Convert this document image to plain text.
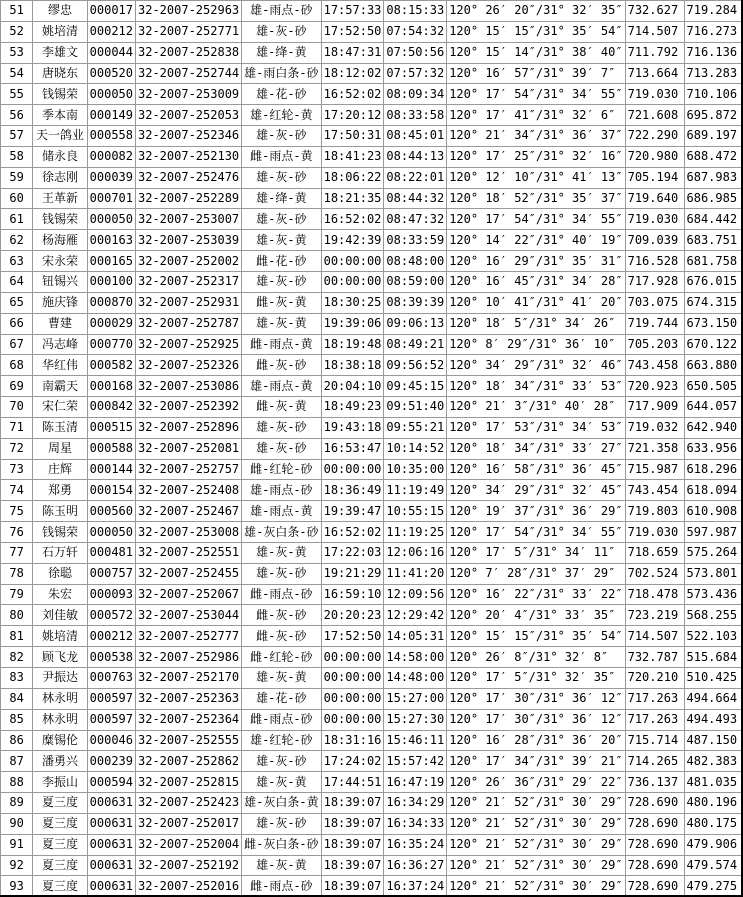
51	缪忠	000017	32-2007-252963	雄-雨点-砂	17:57:33	08:15:33	120° 26′ 20″/31° 32′ 35″	732.627	719.284
52	姚培清	000212	32-2007-252771	雄-灰-砂	17:52:50	07:54:32	120° 15′ 15″/31° 35′ 54″	714.507	716.273
53	李雄文	000044	32-2007-252838	雄-绛-黄	18:47:31	07:50:56	120° 15′ 14″/31° 38′ 40″	711.792	716.136
54	唐晓东	000520	32-2007-252744	雄-雨白条-砂	18:12:02	07:57:32	120° 16′ 57″/31° 39′ 7″	713.664	713.283
55	钱锡荣	000050	32-2007-253009	雄-花-砂	16:52:02	08:09:34	120° 17′ 54″/31° 34′ 55″	719.030	710.106
56	季本南	000149	32-2007-252053	雄-红轮-黄	17:20:12	08:33:58	120° 17′ 41″/31° 32′ 6″	721.608	695.872
57	天一鸽业	000558	32-2007-252346	雄-灰-砂	17:50:31	08:45:01	120° 21′ 34″/31° 36′ 37″	722.290	689.197
58	储永良	000082	32-2007-252130	雌-雨点-黄	18:41:23	08:44:13	120° 17′ 25″/31° 32′ 16″	720.980	688.472
59	徐志刚	000039	32-2007-252476	雄-灰-砂	18:06:22	08:22:01	120° 12′ 10″/31° 41′ 13″	705.194	687.983
60	王革新	000701	32-2007-252289	雄-绛-黄	18:21:35	08:44:32	120° 18′ 52″/31° 35′ 37″	719.640	686.985
61	钱锡荣	000050	32-2007-253007	雄-灰-砂	16:52:02	08:47:32	120° 17′ 54″/31° 34′ 55″	719.030	684.442
62	杨海雁	000163	32-2007-253039	雄-灰-黄	19:42:39	08:33:59	120° 14′ 22″/31° 40′ 19″	709.039	683.751
63	宋永荣	000165	32-2007-252002	雌-花-砂	00:00:00	08:48:00	120° 16′ 29″/31° 35′ 31″	716.528	681.758
64	钮锡兴	000100	32-2007-252317	雄-灰-砂	00:00:00	08:59:00	120° 16′ 45″/31° 34′ 28″	717.928	676.015
65	施庆锋	000870	32-2007-252931	雌-灰-黄	18:30:25	08:39:39	120° 10′ 41″/31° 41′ 20″	703.075	674.315
66	曹建	000029	32-2007-252787	雄-灰-黄	19:39:06	09:06:13	120° 18′ 5″/31° 34′ 26″	719.744	673.150
67	冯志峰	000770	32-2007-252925	雌-雨点-黄	18:19:48	08:49:21	120° 8′ 29″/31° 36′ 10″	705.203	670.122
68	华红伟	000582	32-2007-252326	雌-灰-砂	18:38:18	09:56:52	120° 34′ 29″/31° 32′ 46″	743.458	663.880
69	南霸天	000168	32-2007-253086	雄-雨点-黄	20:04:10	09:45:15	120° 18′ 34″/31° 33′ 53″	720.923	650.505
70	宋仁荣	000842	32-2007-252392	雌-灰-黄	18:49:23	09:51:40	120° 21′ 3″/31° 40′ 28″	717.909	644.057
71	陈玉清	000515	32-2007-252896	雄-灰-砂	19:43:18	09:55:21	120° 17′ 53″/31° 34′ 53″	719.032	642.940
72	周星	000588	32-2007-252081	雄-灰-砂	16:53:47	10:14:52	120° 18′ 34″/31° 33′ 27″	721.358	633.956
73	庄辉	000144	32-2007-252757	雌-红轮-砂	00:00:00	10:35:00	120° 16′ 58″/31° 36′ 45″	715.987	618.296
74	郑勇	000154	32-2007-252408	雄-雨点-砂	18:36:49	11:19:49	120° 34′ 29″/31° 32′ 45″	743.454	618.094
75	陈玉明	000560	32-2007-252467	雄-雨点-黄	19:39:47	10:55:15	120° 19′ 37″/31° 36′ 29″	719.803	610.908
76	钱锡荣	000050	32-2007-253008	雄-灰白条-砂	16:52:02	11:19:25	120° 17′ 54″/31° 34′ 55″	719.030	597.987
77	石万轩	000481	32-2007-252551	雄-灰-黄	17:22:03	12:06:16	120° 17′ 5″/31° 34′ 11″	718.659	575.264
78	徐聪	000757	32-2007-252455	雄-灰-砂	19:21:29	11:41:20	120° 7′ 28″/31° 37′ 29″	702.524	573.801
79	朱宏	000093	32-2007-252067	雌-雨点-砂	16:59:10	12:09:56	120° 16′ 22″/31° 33′ 22″	718.478	573.436
80	刘佳敏	000572	32-2007-253044	雌-灰-砂	20:20:23	12:29:42	120° 20′ 4″/31° 33′ 35″	723.219	568.255
81	姚培清	000212	32-2007-252777	雌-灰-砂	17:52:50	14:05:31	120° 15′ 15″/31° 35′ 54″	714.507	522.103
82	顾飞龙	000538	32-2007-252986	雌-红轮-砂	00:00:00	14:58:00	120° 26′ 8″/31° 32′ 8″	732.787	515.684
83	尹振达	000763	32-2007-252170	雄-灰-黄	00:00:00	14:48:00	120° 17′ 5″/31° 32′ 35″	720.210	510.425
84	林永明	000597	32-2007-252363	雄-花-砂	00:00:00	15:27:00	120° 17′ 30″/31° 36′ 12″	717.263	494.664
85	林永明	000597	32-2007-252364	雌-雨点-砂	00:00:00	15:27:30	120° 17′ 30″/31° 36′ 12″	717.263	494.493
86	糜锡伦	000046	32-2007-252555	雄-红轮-砂	18:31:16	15:46:11	120° 16′ 28″/31° 36′ 20″	715.714	487.150
87	潘勇兴	000239	32-2007-252862	雄-灰-砂	17:24:02	15:57:42	120° 17′ 34″/31° 39′ 21″	714.265	482.383
88	李振山	000594	32-2007-252815	雄-灰-黄	17:44:51	16:47:19	120° 26′ 36″/31° 29′ 22″	736.137	481.035
89	夏三度	000631	32-2007-252423	雄-灰白条-黄	18:39:07	16:34:29	120° 21′ 52″/31° 30′ 29″	728.690	480.196
90	夏三度	000631	32-2007-252017	雄-灰-砂	18:39:07	16:34:33	120° 21′ 52″/31° 30′ 29″	728.690	480.175
91	夏三度	000631	32-2007-252004	雌-灰白条-砂	18:39:07	16:35:24	120° 21′ 52″/31° 30′ 29″	728.690	479.906
92	夏三度	000631	32-2007-252192	雄-灰-黄	18:39:07	16:36:27	120° 21′ 52″/31° 30′ 29″	728.690	479.574
93	夏三度	000631	32-2007-252016	雌-雨点-砂	18:39:07	16:37:24	120° 21′ 52″/31° 30′ 29″	728.690	479.275
